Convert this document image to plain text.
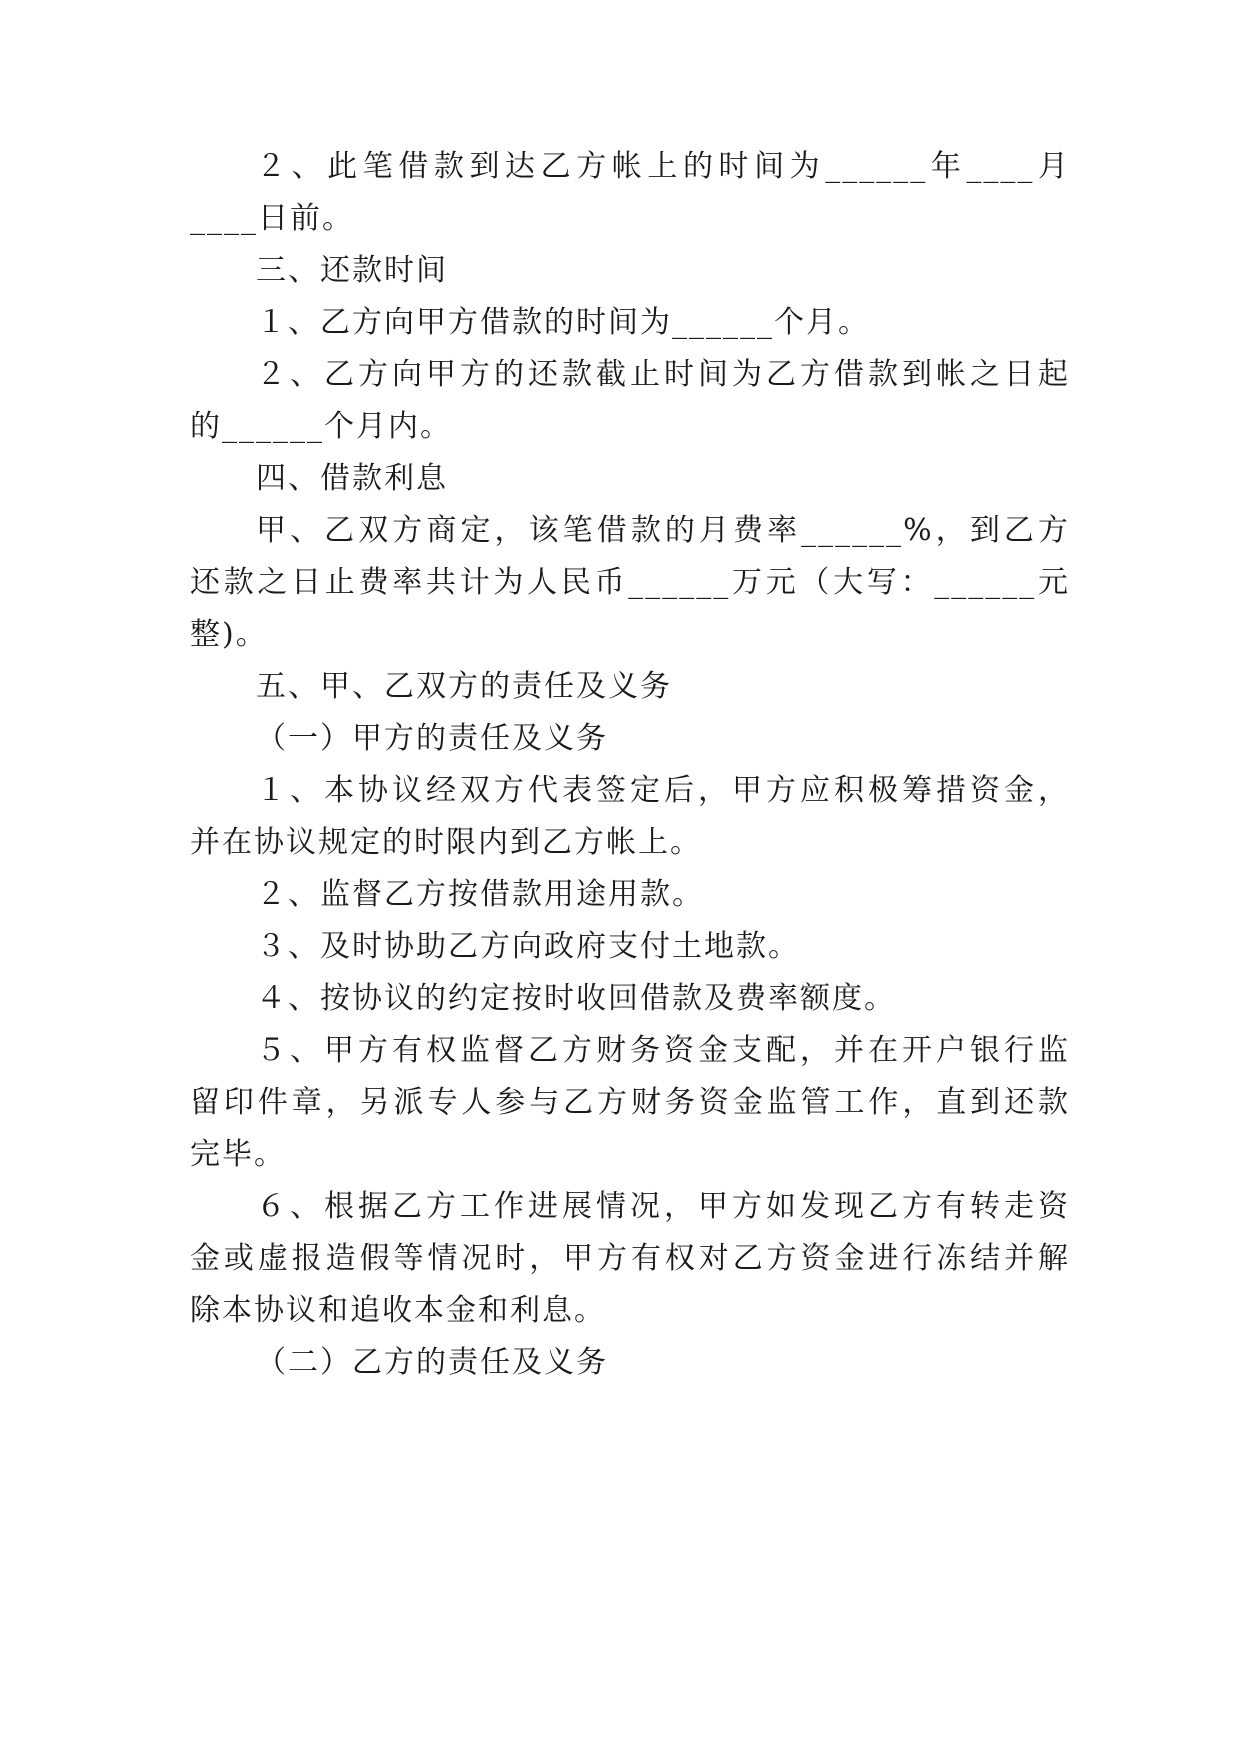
２、此笔借款到达乙方帐上的时间为______年____月
____日前。
三、还款时间
１、乙方向甲方借款的时间为______个月。
２、乙方向甲方的还款截止时间为乙方借款到帐之日起
的______个月内。
四、借款利息
甲、乙双方商定，该笔借款的月费率______%，到乙方
还款之日止费率共计为人民币______万元（大写：______元
整)。
五、甲、乙双方的责任及义务
（一）甲方的责任及义务
１、本协议经双方代表签定后，甲方应积极筹措资金，
并在协议规定的时限内到乙方帐上。
２、监督乙方按借款用途用款。
３、及时协助乙方向政府支付土地款。
４、按协议的约定按时收回借款及费率额度。
５、甲方有权监督乙方财务资金支配，并在开户银行监
留印件章，另派专人参与乙方财务资金监管工作，直到还款
完毕。
６、根据乙方工作进展情况，甲方如发现乙方有转走资
金或虚报造假等情况时，甲方有权对乙方资金进行冻结并解
除本协议和追收本金和利息。
（二）乙方的责任及义务
